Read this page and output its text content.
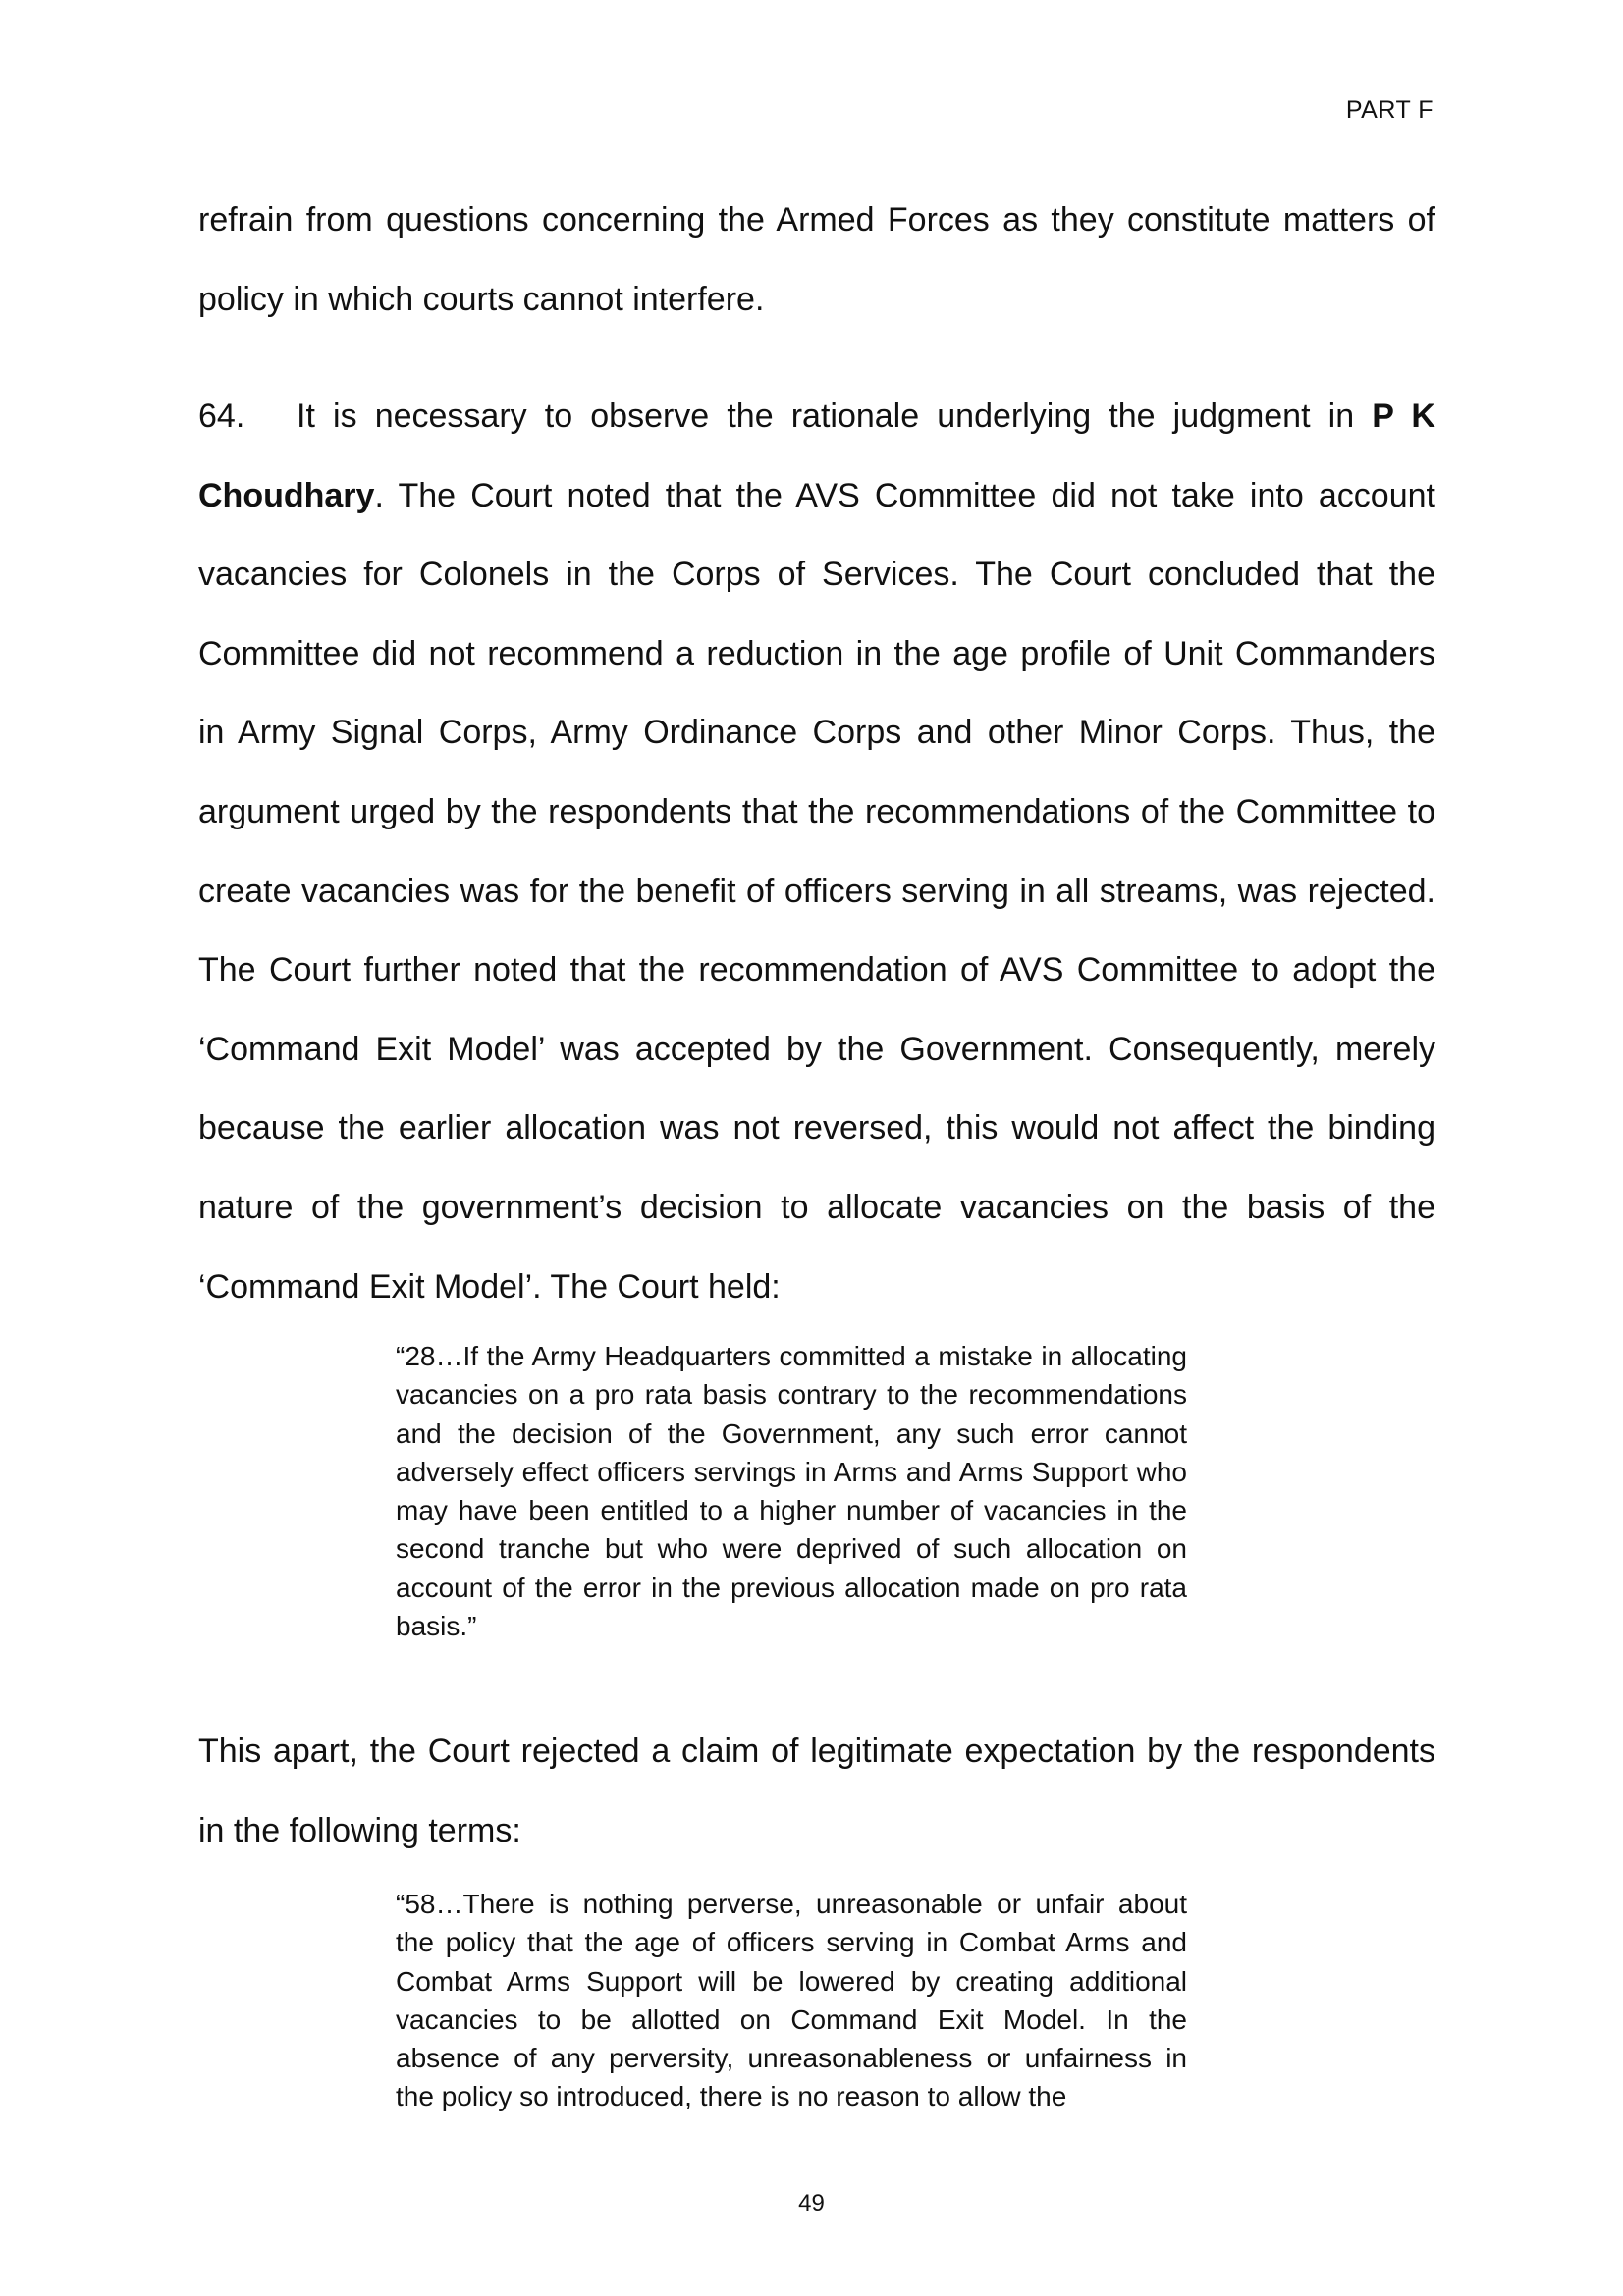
PART F

refrain from questions concerning the Armed Forces as they constitute matters of policy in which courts cannot interfere.

64. It is necessary to observe the rationale underlying the judgment in P K Choudhary. The Court noted that the AVS Committee did not take into account vacancies for Colonels in the Corps of Services. The Court concluded that the Committee did not recommend a reduction in the age profile of Unit Commanders in Army Signal Corps, Army Ordinance Corps and other Minor Corps. Thus, the argument urged by the respondents that the recommendations of the Committee to create vacancies was for the benefit of officers serving in all streams, was rejected. The Court further noted that the recommendation of AVS Committee to adopt the ‘Command Exit Model’ was accepted by the Government. Consequently, merely because the earlier allocation was not reversed, this would not affect the binding nature of the government’s decision to allocate vacancies on the basis of the ‘Command Exit Model’. The Court held:

“28…If the Army Headquarters committed a mistake in allocating vacancies on a pro rata basis contrary to the recommendations and the decision of the Government, any such error cannot adversely effect officers servings in Arms and Arms Support who may have been entitled to a higher number of vacancies in the second tranche but who were deprived of such allocation on account of the error in the previous allocation made on pro rata basis.”

This apart, the Court rejected a claim of legitimate expectation by the respondents in the following terms:

“58…There is nothing perverse, unreasonable or unfair about the policy that the age of officers serving in Combat Arms and Combat Arms Support will be lowered by creating additional vacancies to be allotted on Command Exit Model. In the absence of any perversity, unreasonableness or unfairness in the policy so introduced, there is no reason to allow the

49
